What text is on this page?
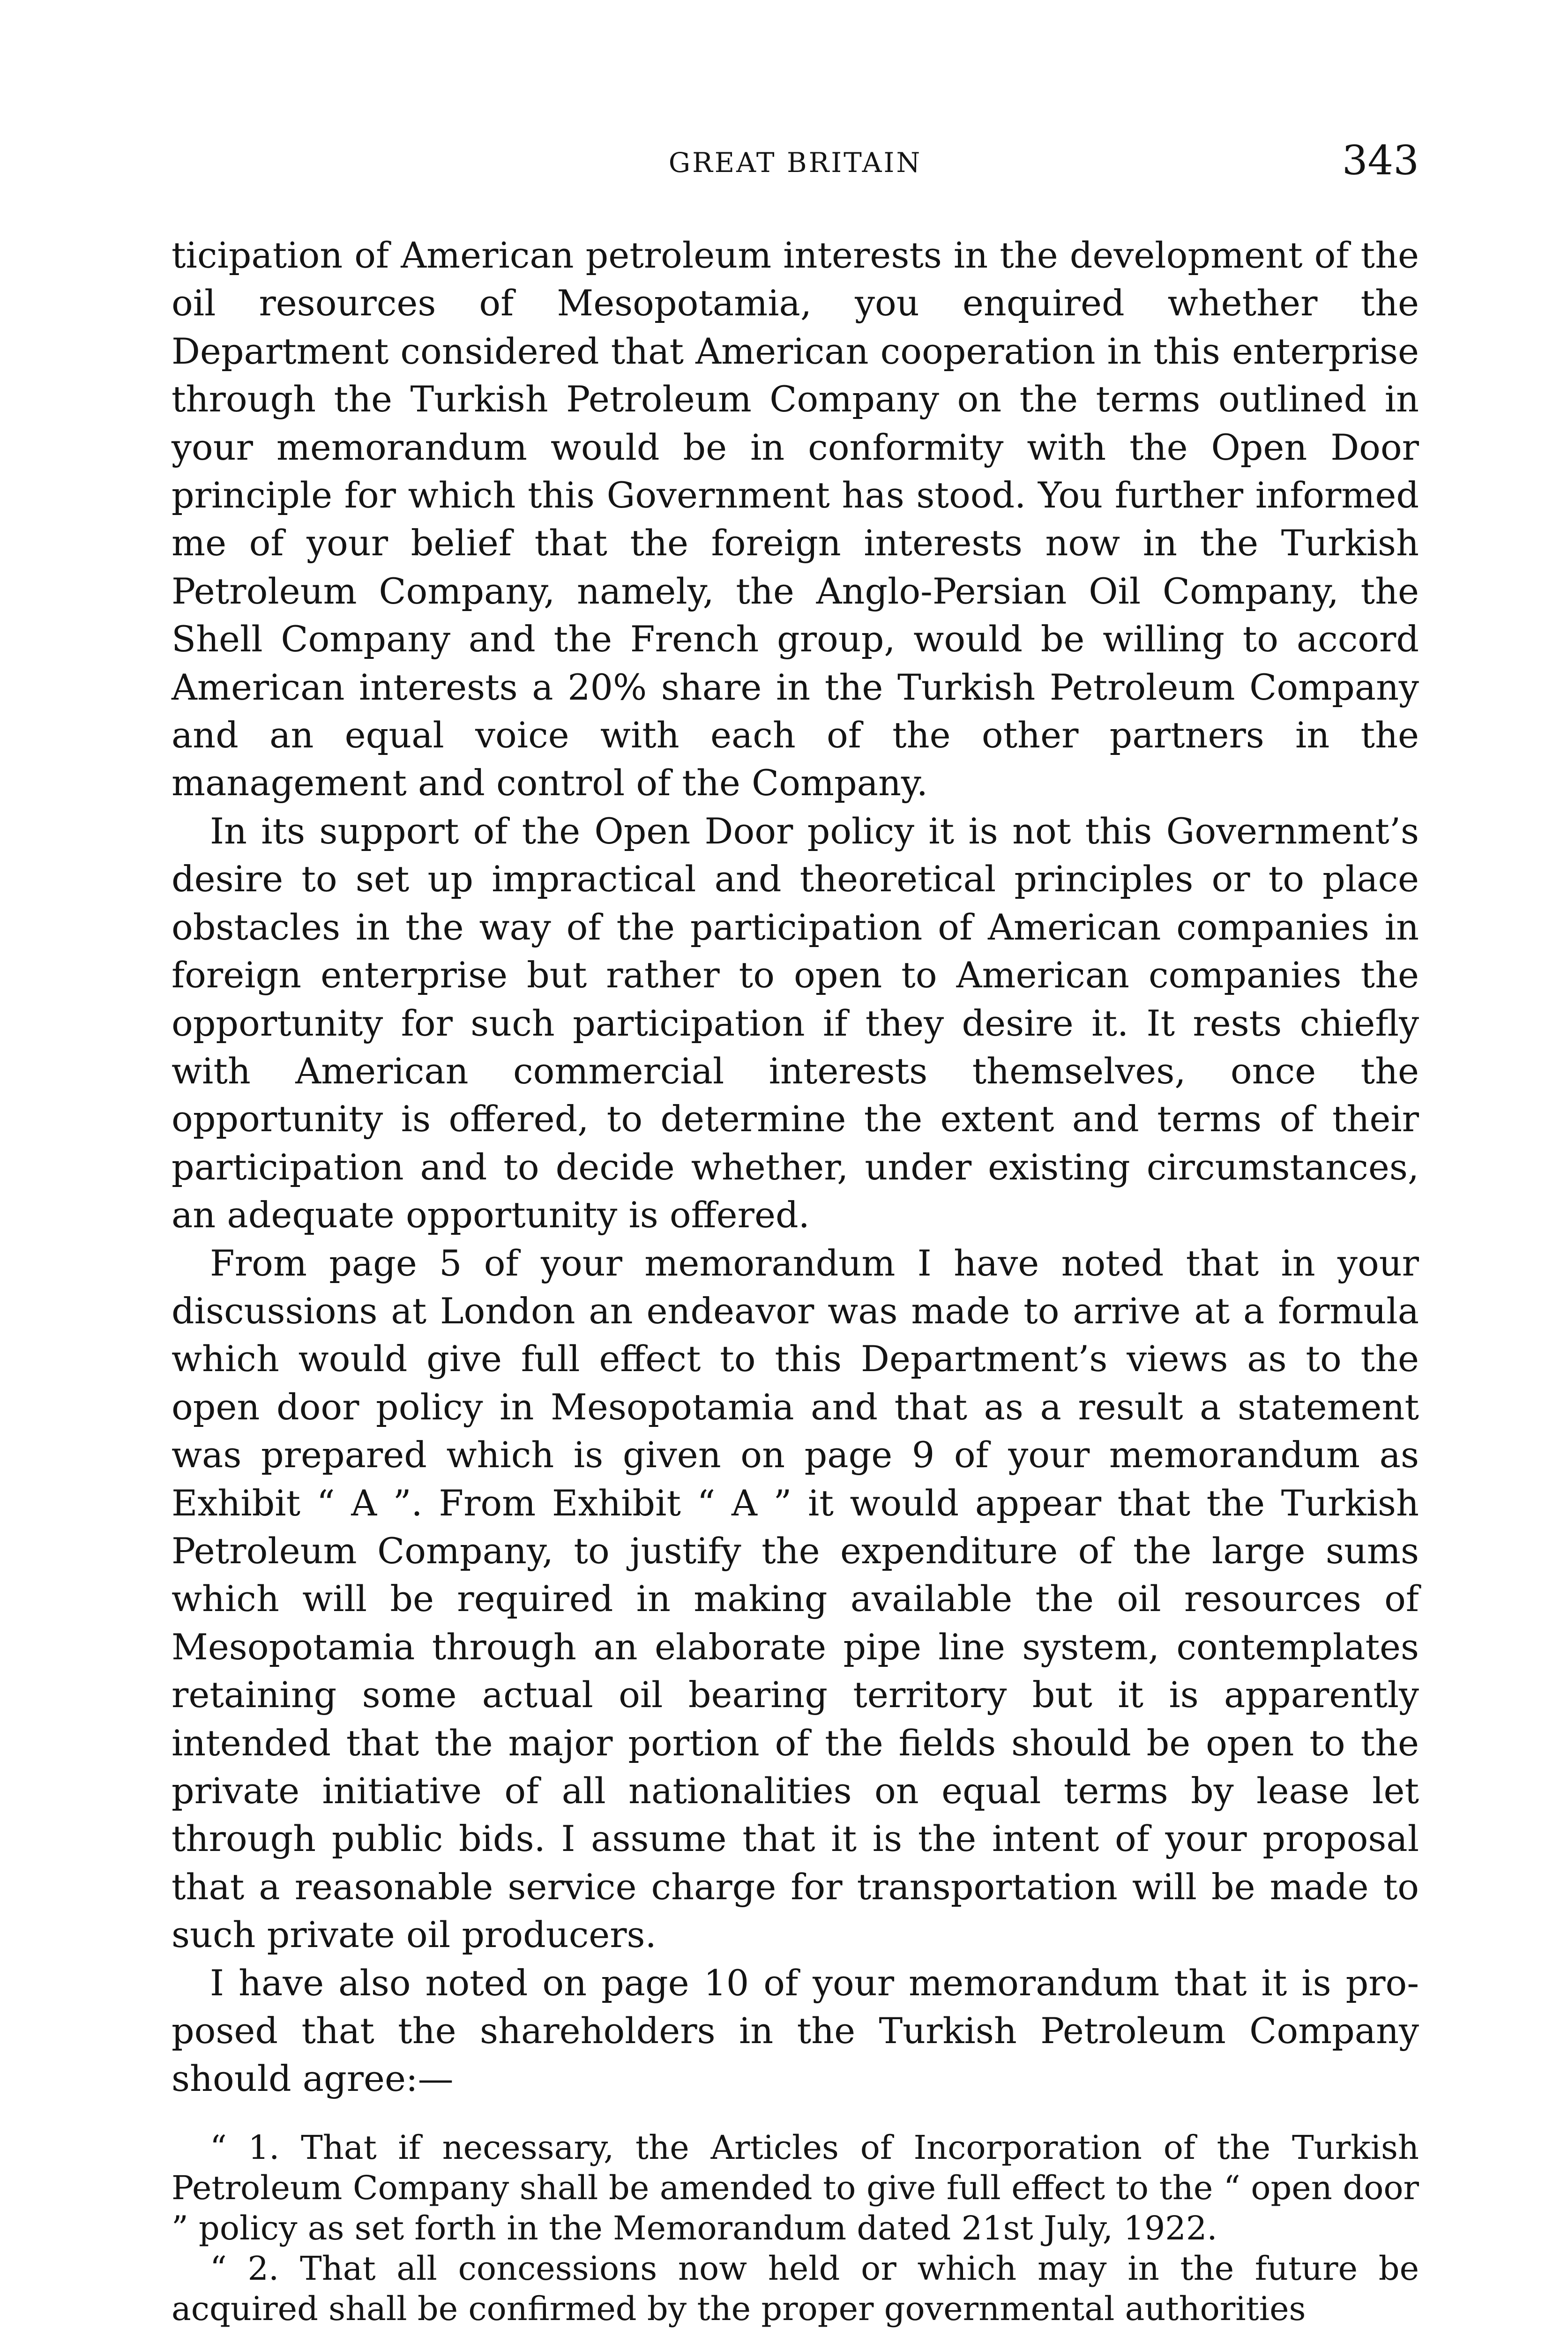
GREAT BRITAIN	343

ticipation of American petroleum interests in the development of the oil resources of Mesopotamia, you enquired whether the Department considered that American cooperation in this enterprise through the Turkish Petroleum Company on the terms outlined in your memorandum would be in conformity with the Open Door principle for which this Government has stood. You further informed me of your belief that the foreign interests now in the Turkish Petroleum Company, namely, the Anglo-Persian Oil Company, the Shell Company and the French group, would be willing to accord American interests a 20% share in the Turkish Petroleum Company and an equal voice with each of the other partners in the management and control of the Company.

In its support of the Open Door policy it is not this Government’s desire to set up impractical and theoretical principles or to place obstacles in the way of the participation of American companies in foreign enterprise but rather to open to American companies the opportunity for such participation if they desire it. It rests chiefly with American commercial interests themselves, once the opportunity is offered, to determine the extent and terms of their participation and to decide whether, under existing circumstances, an adequate opportunity is offered.

From page 5 of your memorandum I have noted that in your discussions at London an endeavor was made to arrive at a formula which would give full effect to this Department’s views as to the open door policy in Mesopotamia and that as a result a statement was prepared which is given on page 9 of your memorandum as Exhibit “ A ”. From Exhibit “ A ” it would appear that the Turkish Petroleum Company, to justify the expenditure of the large sums which will be required in making available the oil resources of Mesopotamia through an elaborate pipe line system, contemplates retaining some actual oil bearing territory but it is apparently intended that the major portion of the fields should be open to the private initiative of all nationalities on equal terms by lease let through public bids. I assume that it is the intent of your proposal that a reasonable service charge for transportation will be made to such private oil producers.

I have also noted on page 10 of your memorandum that it is proposed that the shareholders in the Turkish Petroleum Company should agree:—

“ 1. That if necessary, the Articles of Incorporation of the Turkish Petroleum Company shall be amended to give full effect to the “ open door ” policy as set forth in the Memorandum dated 21st July, 1922.

“ 2. That all concessions now held or which may in the future be acquired shall be confirmed by the proper governmental authorities
